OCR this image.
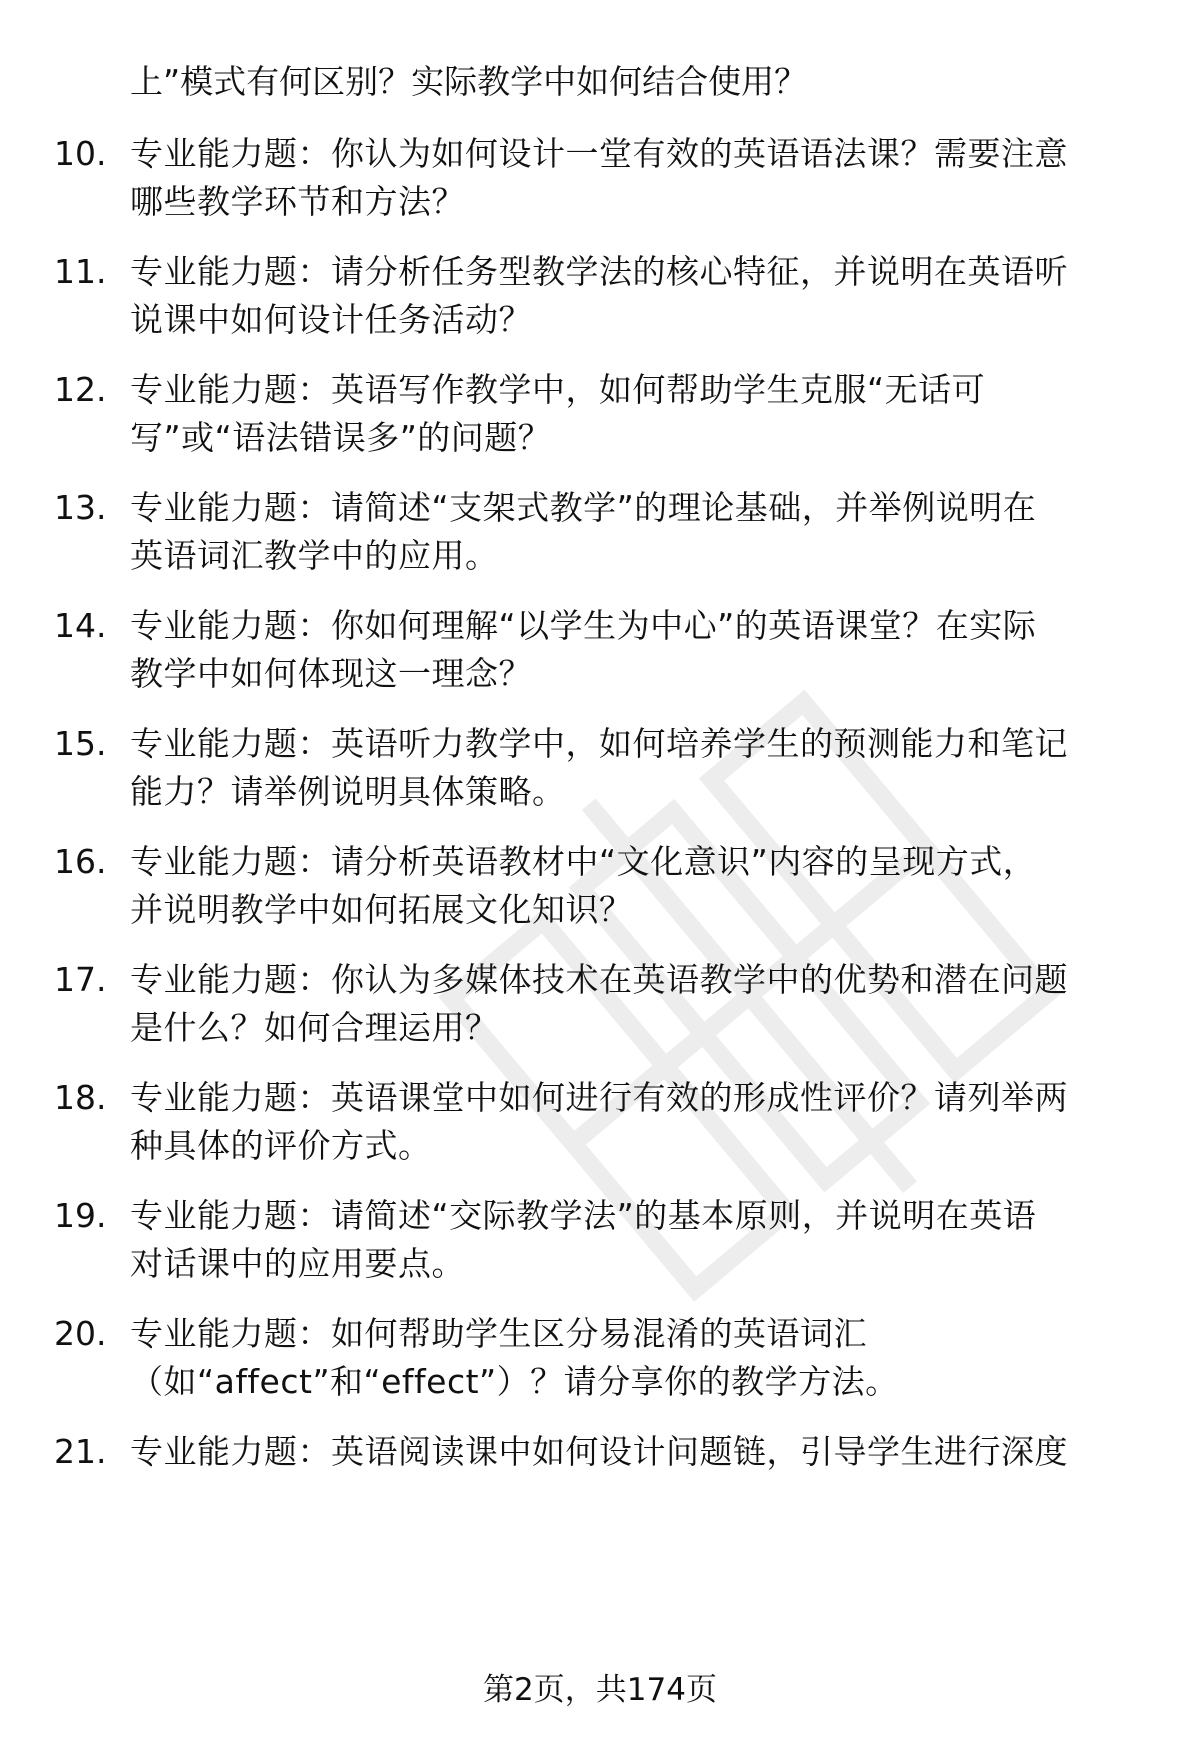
上”模式有何区别？实际教学中如何结合使用？
10. 专业能力题：你认为如何设计一堂有效的英语语法课？需要注意
哪些教学环节和方法？
11. 专业能力题：请分析任务型教学法的核心特征，并说明在英语听
说课中如何设计任务活动？
12. 专业能力题：英语写作教学中，如何帮助学生克服“无话可
写”或“语法错误多”的问题？
13. 专业能力题：请简述“支架式教学”的理论基础，并举例说明在
英语词汇教学中的应用。
14. 专业能力题：你如何理解“以学生为中心”的英语课堂？在实际
教学中如何体现这一理念？
15. 专业能力题：英语听力教学中，如何培养学生的预测能力和笔记
能力？请举例说明具体策略。
16. 专业能力题：请分析英语教材中“文化意识”内容的呈现方式，
并说明教学中如何拓展文化知识？
17. 专业能力题：你认为多媒体技术在英语教学中的优势和潜在问题
是什么？如何合理运用？
18. 专业能力题：英语课堂中如何进行有效的形成性评价？请列举两
种具体的评价方式。
19. 专业能力题：请简述“交际教学法”的基本原则，并说明在英语
对话课中的应用要点。
20. 专业能力题：如何帮助学生区分易混淆的英语词汇
（如“affect”和“effect”）？请分享你的教学方法。
21. 专业能力题：英语阅读课中如何设计问题链，引导学生进行深度
第2页，共174页
